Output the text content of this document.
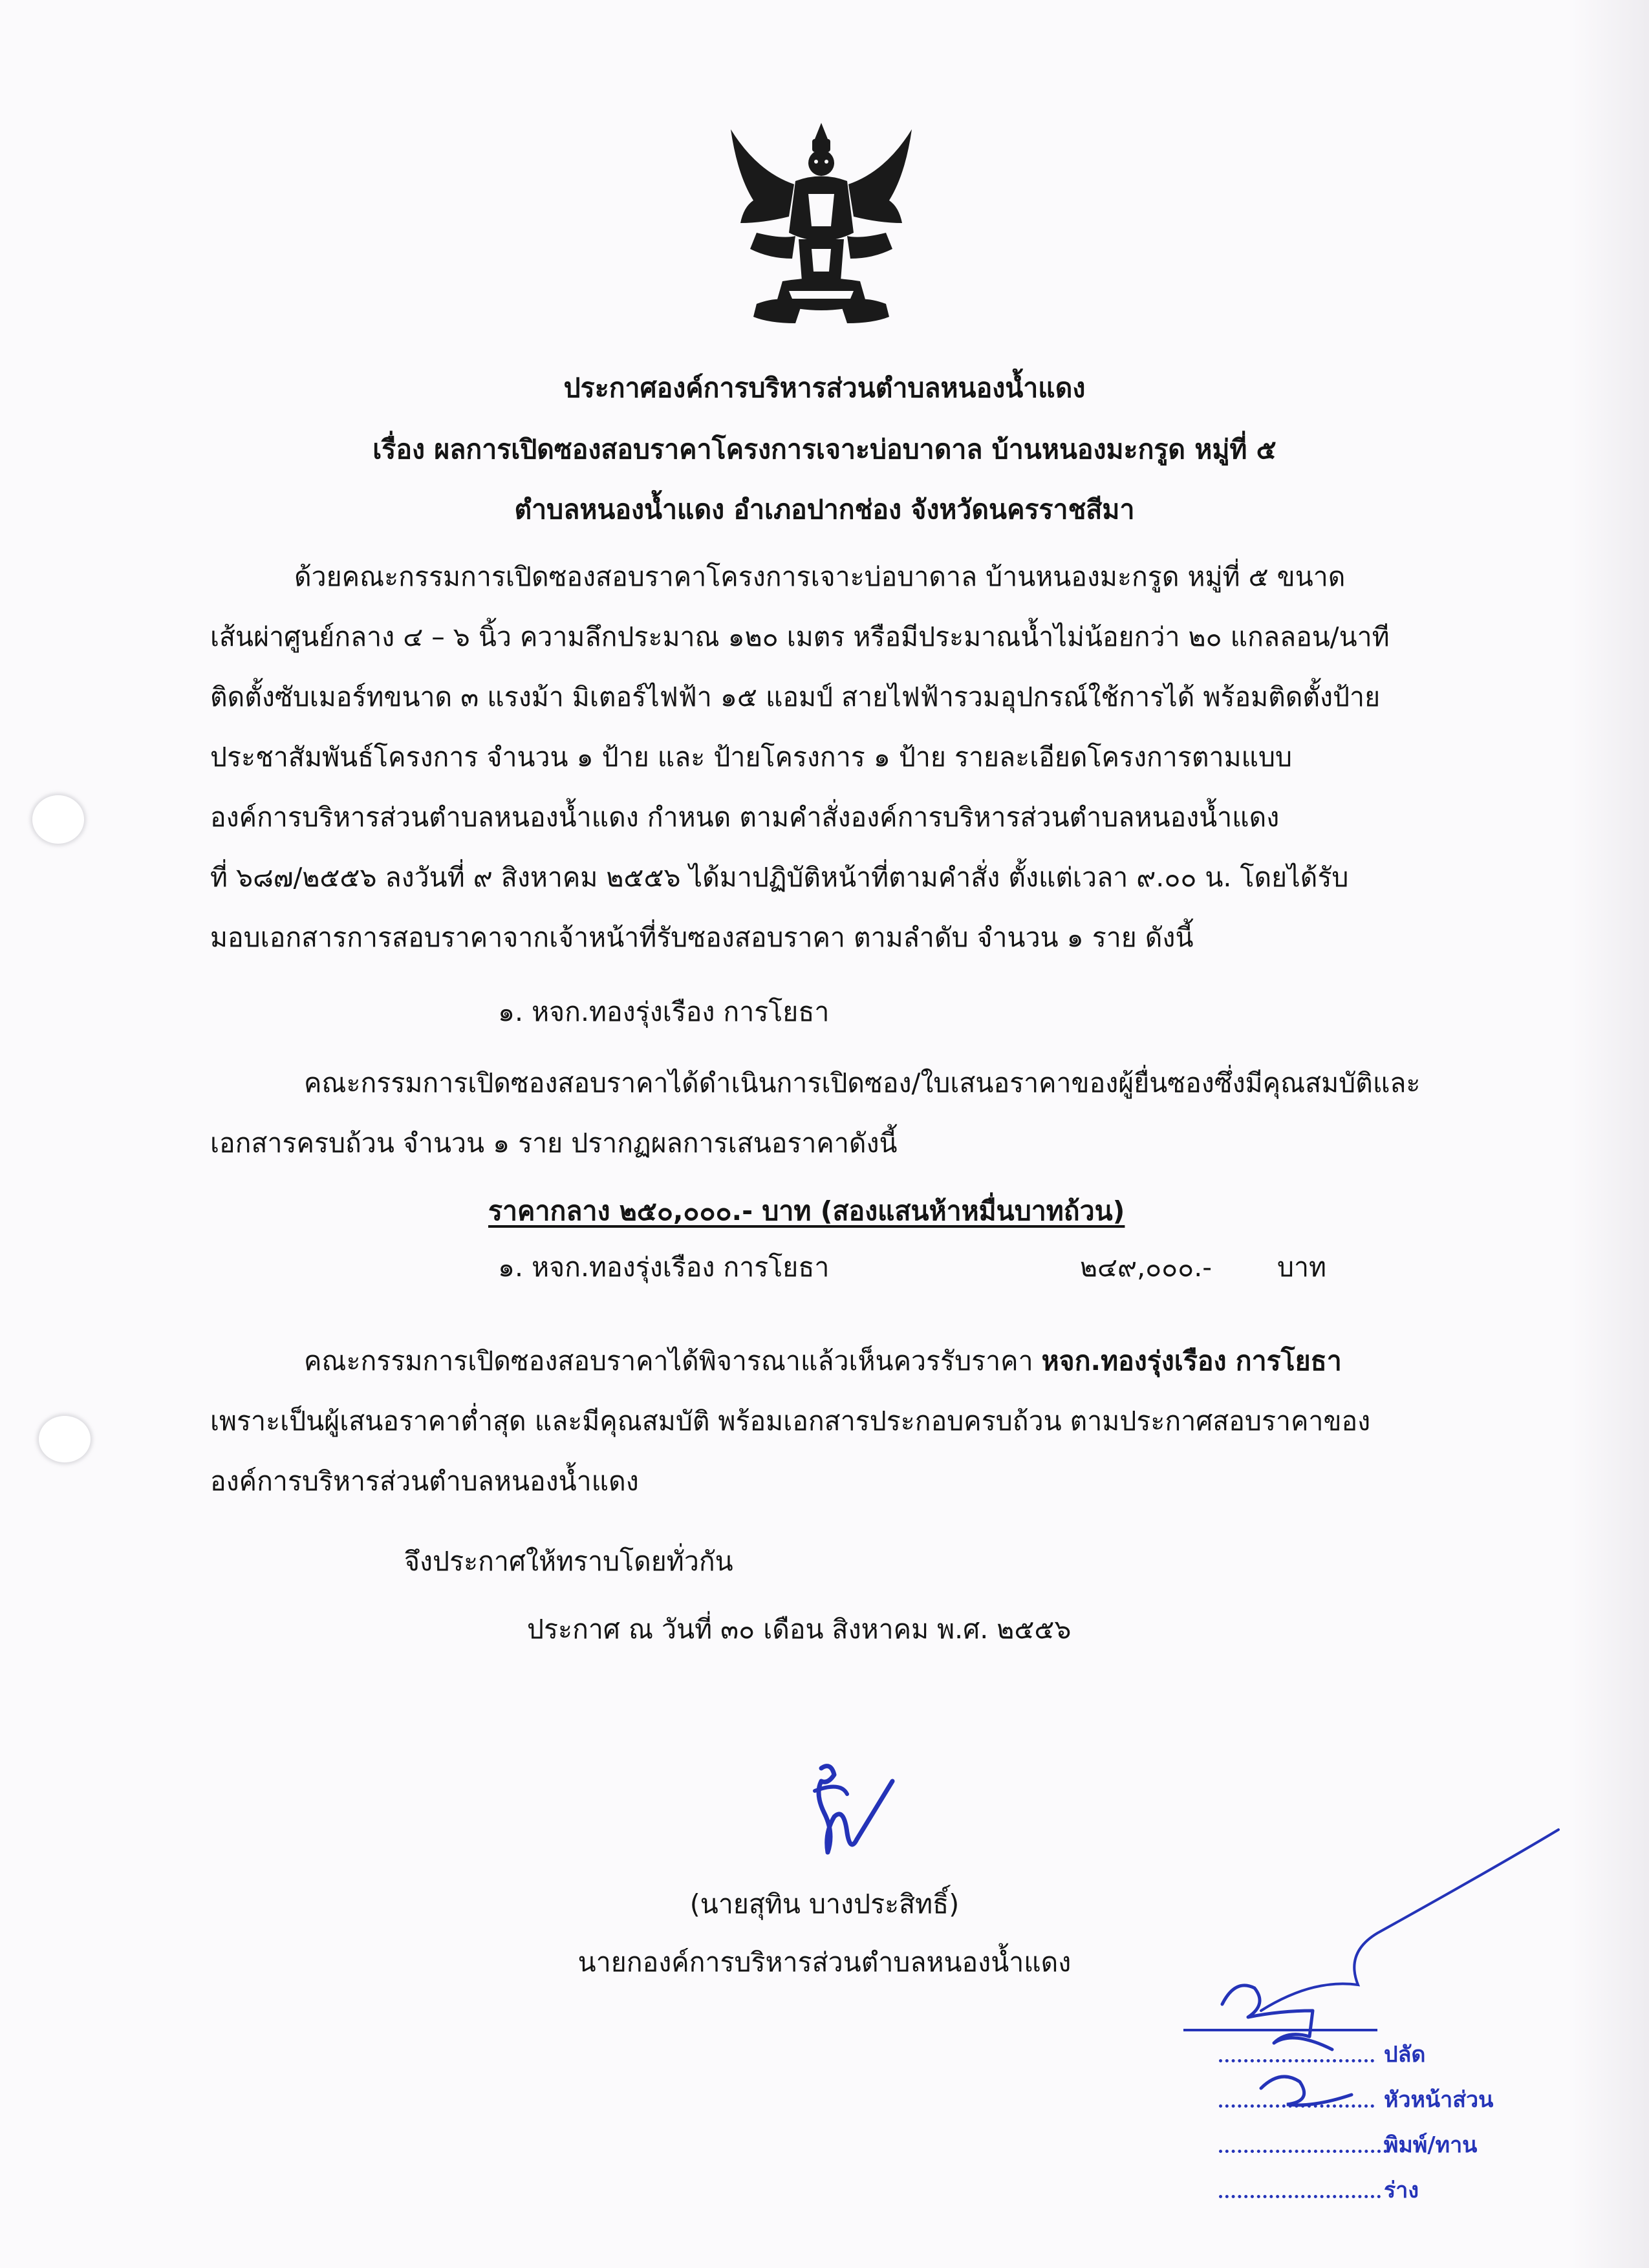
ประกาศองค์การบริหารส่วนตำบลหนองน้ำแดง
เรื่อง ผลการเปิดซองสอบราคาโครงการเจาะบ่อบาดาล บ้านหนองมะกรูด หมู่ที่ ๕
ตำบลหนองน้ำแดง อำเภอปากช่อง จังหวัดนครราชสีมา
ด้วยคณะกรรมการเปิดซองสอบราคาโครงการเจาะบ่อบาดาล บ้านหนองมะกรูด หมู่ที่ ๕ ขนาด
เส้นผ่าศูนย์กลาง ๔ – ๖ นิ้ว ความลึกประมาณ ๑๒๐ เมตร หรือมีประมาณน้ำไม่น้อยกว่า ๒๐ แกลลอน/นาที
ติดตั้งซับเมอร์ทขนาด ๓ แรงม้า มิเตอร์ไฟฟ้า ๑๕ แอมป์ สายไฟฟ้ารวมอุปกรณ์ใช้การได้ พร้อมติดตั้งป้าย
ประชาสัมพันธ์โครงการ จำนวน ๑ ป้าย และ ป้ายโครงการ ๑ ป้าย รายละเอียดโครงการตามแบบ
องค์การบริหารส่วนตำบลหนองน้ำแดง กำหนด ตามคำสั่งองค์การบริหารส่วนตำบลหนองน้ำแดง
ที่ ๖๘๗/๒๕๕๖ ลงวันที่ ๙ สิงหาคม ๒๕๕๖ ได้มาปฏิบัติหน้าที่ตามคำสั่ง ตั้งแต่เวลา ๙.๐๐ น. โดยได้รับ
มอบเอกสารการสอบราคาจากเจ้าหน้าที่รับซองสอบราคา ตามลำดับ จำนวน ๑ ราย ดังนี้
๑. หจก.ทองรุ่งเรือง การโยธา
คณะกรรมการเปิดซองสอบราคาได้ดำเนินการเปิดซอง/ใบเสนอราคาของผู้ยื่นซองซึ่งมีคุณสมบัติและ
เอกสารครบถ้วน จำนวน ๑ ราย ปรากฏผลการเสนอราคาดังนี้
ราคากลาง ๒๕๐,๐๐๐.- บาท (สองแสนห้าหมื่นบาทถ้วน)
๑. หจก.ทองรุ่งเรือง การโยธา	๒๔๙,๐๐๐.- บาท
คณะกรรมการเปิดซองสอบราคาได้พิจารณาแล้วเห็นควรรับราคา หจก.ทองรุ่งเรือง การโยธา
เพราะเป็นผู้เสนอราคาต่ำสุด และมีคุณสมบัติ พร้อมเอกสารประกอบครบถ้วน ตามประกาศสอบราคาของ
องค์การบริหารส่วนตำบลหนองน้ำแดง
จึงประกาศให้ทราบโดยทั่วกัน
ประกาศ ณ วันที่ ๓๐ เดือน สิงหาคม พ.ศ. ๒๕๕๖
(นายสุทิน บางประสิทธิ์)
นายกองค์การบริหารส่วนตำบลหนองน้ำแดง
ปลัด
หัวหน้าส่วน
พิมพ์/ทาน
ร่าง
